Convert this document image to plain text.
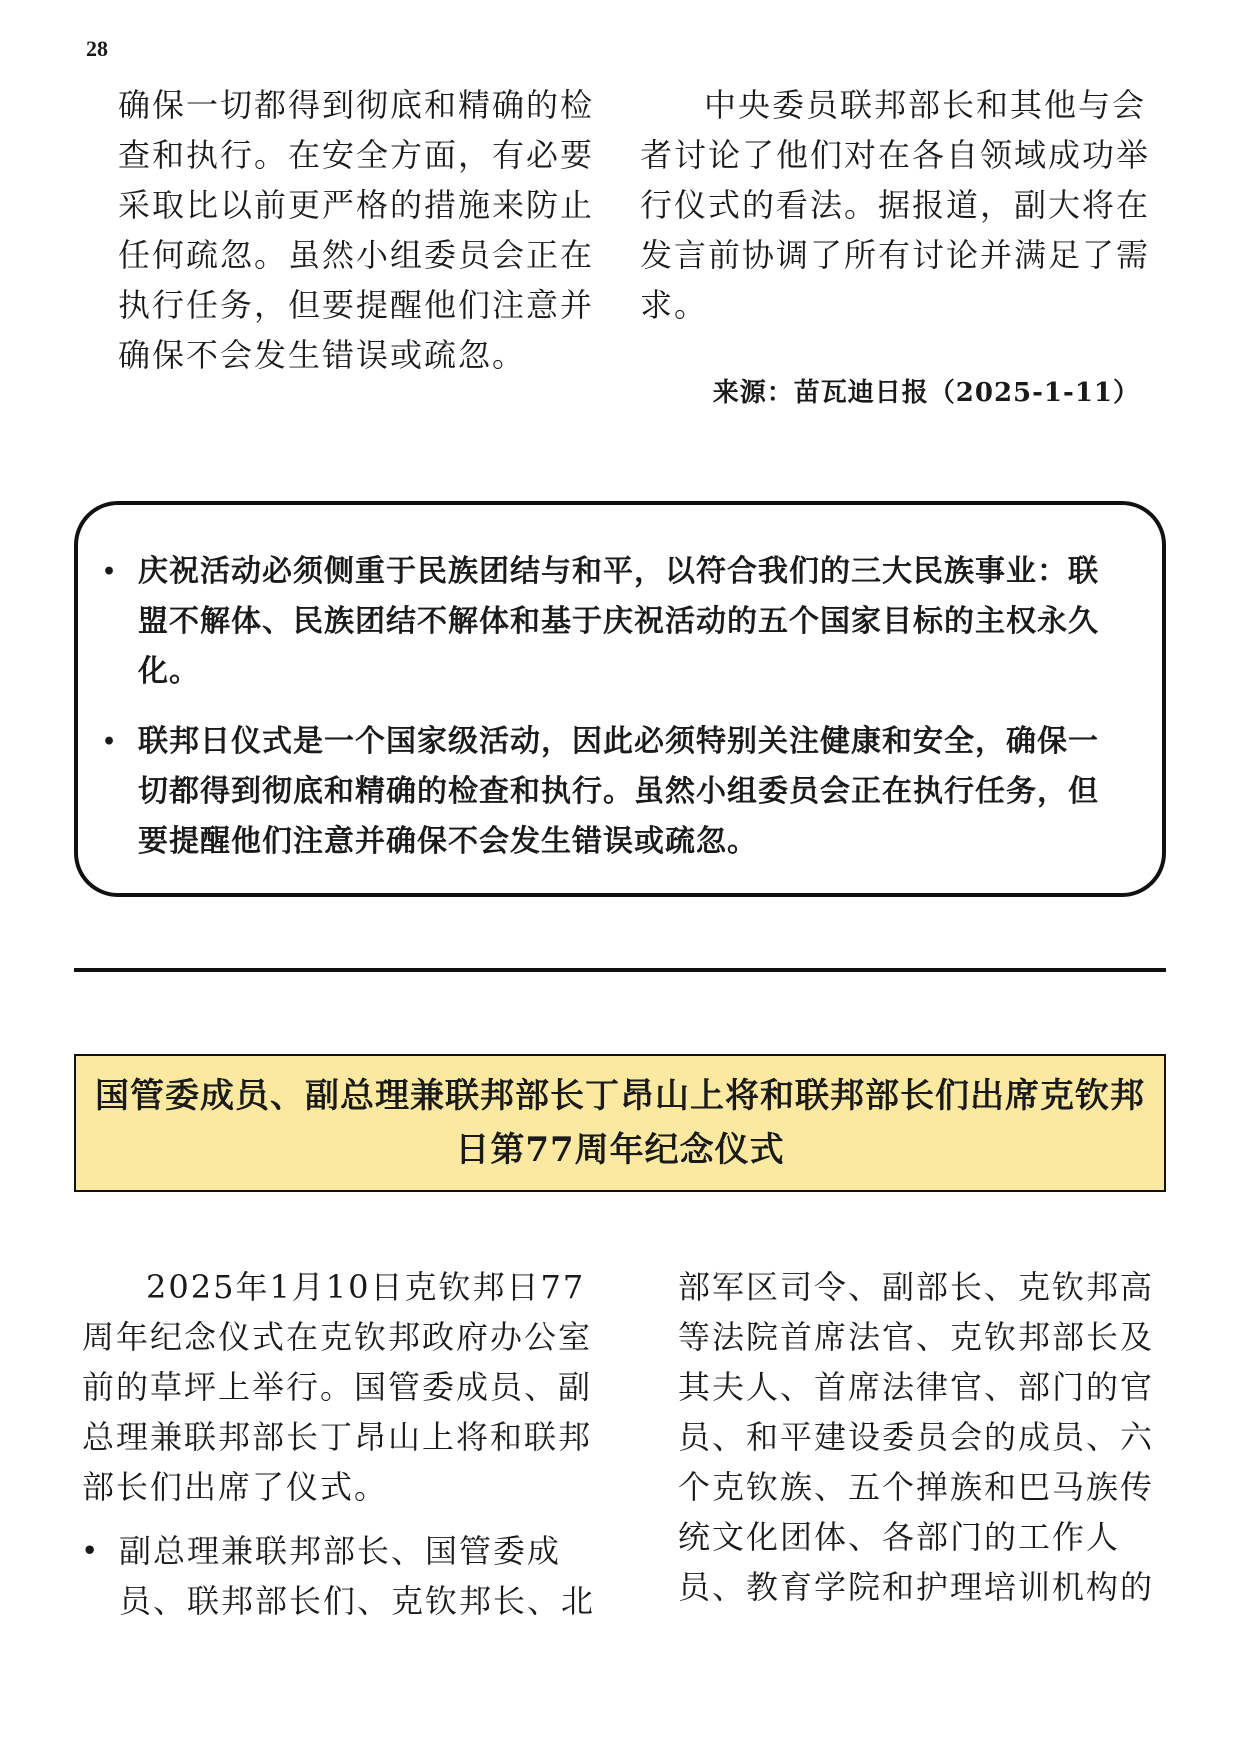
28

确保一切都得到彻底和精确的检查和执行。在安全方面，有必要采取比以前更严格的措施来防止任何疏忽。虽然小组委员会正在执行任务，但要提醒他们注意并确保不会发生错误或疏忽。

中央委员联邦部长和其他与会者讨论了他们对在各自领域成功举行仪式的看法。据报道，副大将在发言前协调了所有讨论并满足了需求。

来源：苗瓦迪日报（2025-1-11）
• 庆祝活动必须侧重于民族团结与和平，以符合我们的三大民族事业：联盟不解体、民族团结不解体和基于庆祝活动的五个国家目标的主权永久化。
• 联邦日仪式是一个国家级活动，因此必须特别关注健康和安全，确保一切都得到彻底和精确的检查和执行。虽然小组委员会正在执行任务，但要提醒他们注意并确保不会发生错误或疏忽。
国管委成员、副总理兼联邦部长丁昂山上将和联邦部长们出席克钦邦日第77周年纪念仪式

2025年1月10日克钦邦日77周年纪念仪式在克钦邦政府办公室前的草坪上举行。国管委成员、副总理兼联邦部长丁昂山上将和联邦部长们出席了仪式。

• 副总理兼联邦部长、国管委成员、联邦部长们、克钦邦长、北

部军区司令、副部长、克钦邦高等法院首席法官、克钦邦部长及其夫人、首席法律官、部门的官员、和平建设委员会的成员、六个克钦族、五个掸族和巴马族传统文化团体、各部门的工作人员、教育学院和护理培训机构的
